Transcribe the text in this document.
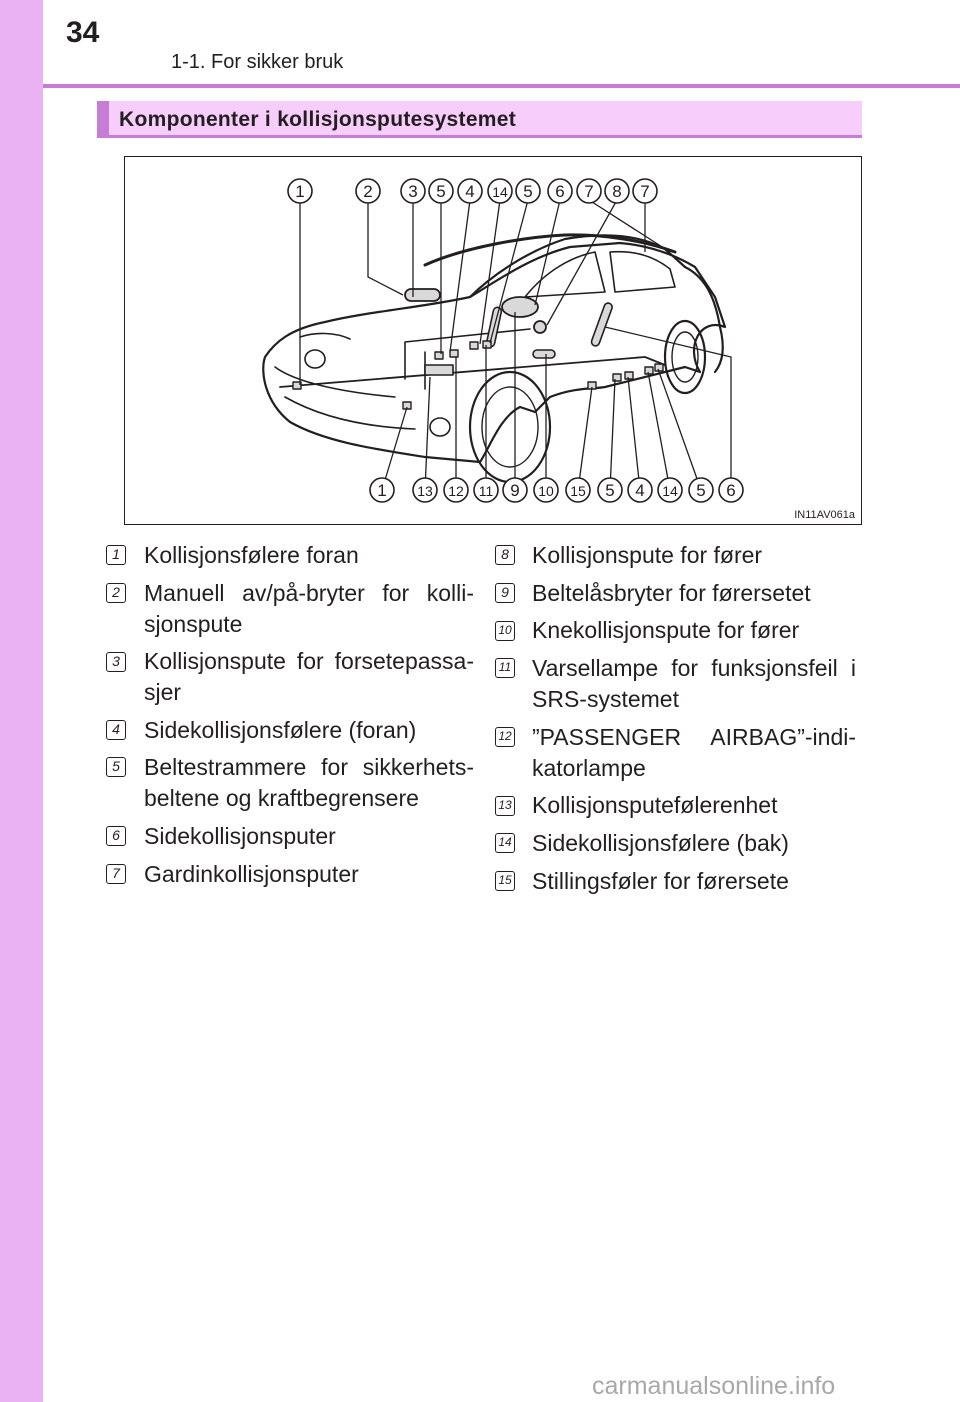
34
1-1. For sikker bruk
Komponenter i kollisjonsputesystemet
1	2 3 5 4 14 5 6 7 8 7
1 13 12 11 9 10 15 5 4 14 5 6
IN11AV061a
1 Kollisjonsfølere foran
2 Manuell av/på-bryter for kolli-
sjonspute
3 Kollisjonspute for forsetepassa-
sjer
4 Sidekollisjonsfølere (foran)
5 Beltestrammere for sikkerhets-
beltene og kraftbegrensere
6 Sidekollisjonsputer
7 Gardinkollisjonsputer
8 Kollisjonspute for fører
9 Beltelåsbryter for førersetet
10 Knekollisjonspute for fører
11 Varsellampe for funksjonsfeil i
SRS-systemet
12 ”PASSENGER AIRBAG”-indi-
katorlampe
13 Kollisjonsputefølerenhet
14 Sidekollisjonsfølere (bak)
15 Stillingsføler for førersete
carmanualsonline.info
